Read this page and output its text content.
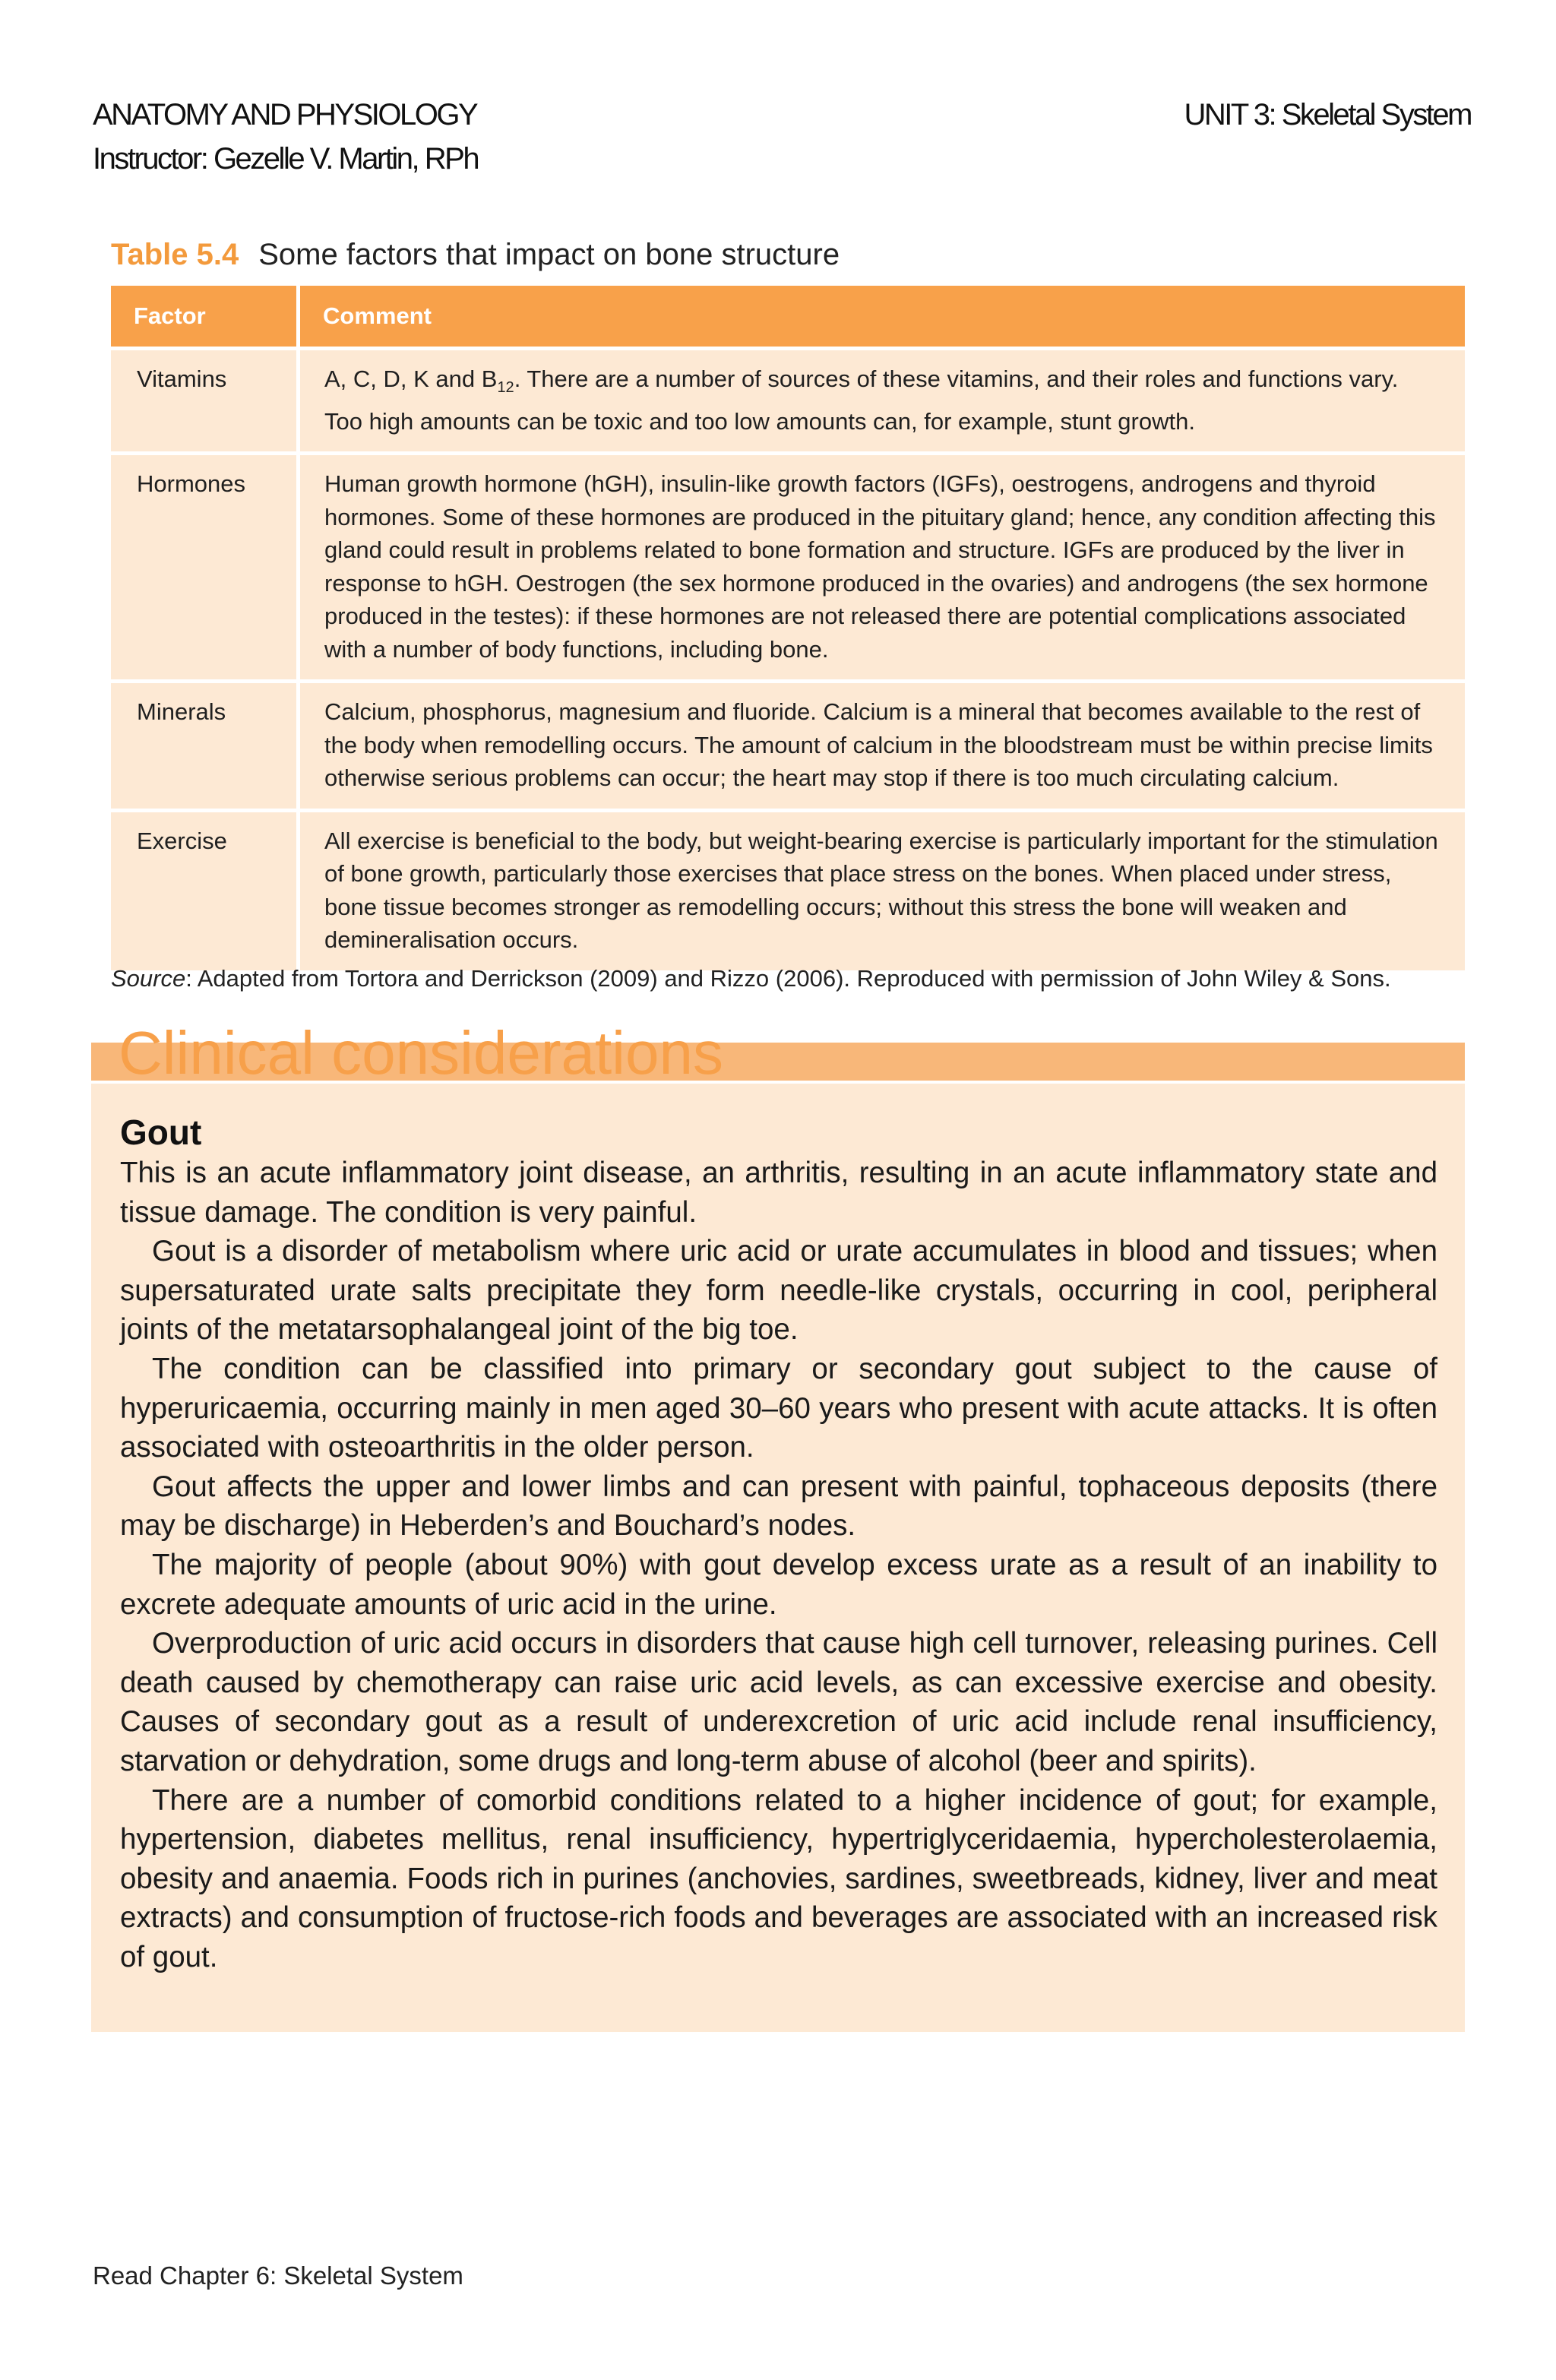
ANATOMY AND PHYSIOLOGY
Instructor: Gezelle V. Martin, RPh
UNIT 3: Skeletal System
Table 5.4 Some factors that impact on bone structure
Factor	Comment

Vitamins	A, C, D, K and $B_{12}$. There are a number of sources of these vitamins, and their roles and functions vary. Too high amounts can be toxic and too low amounts can, for example, stunt growth.

Hormones	Human growth hormone (hGH), insulin-like growth factors (IGFs), oestrogens, androgens and thyroid hormones. Some of these hormones are produced in the pituitary gland; hence, any condition affecting this gland could result in problems related to bone formation and structure. IGFs are produced by the liver in response to hGH. Oestrogen (the sex hormone produced in the ovaries) and androgens (the sex hormone produced in the testes): if these hormones are not released there are potential complications associated with a number of body functions, including bone.

Minerals	Calcium, phosphorus, magnesium and fluoride. Calcium is a mineral that becomes available to the rest of the body when remodelling occurs. The amount of calcium in the bloodstream must be within precise limits otherwise serious problems can occur; the heart may stop if there is too much circulating calcium.

Exercise	All exercise is beneficial to the body, but weight-bearing exercise is particularly important for the stimulation of bone growth, particularly those exercises that place stress on the bones. When placed under stress, bone tissue becomes stronger as remodelling occurs; without this stress the bone will weaken and demineralisation occurs.
Source: Adapted from Tortora and Derrickson (2009) and Rizzo (2006). Reproduced with permission of John Wiley & Sons.
Clinical considerations
Gout

This is an acute inflammatory joint disease, an arthritis, resulting in an acute inflammatory state and tissue damage. The condition is very painful.

Gout is a disorder of metabolism where uric acid or urate accumulates in blood and tissues; when supersaturated urate salts precipitate they form needle-like crystals, occurring in cool, peripheral joints of the metatarsophalangeal joint of the big toe.

The condition can be classified into primary or secondary gout subject to the cause of hyperuricaemia, occurring mainly in men aged 30–60 years who present with acute attacks. It is often associated with osteoarthritis in the older person.

Gout affects the upper and lower limbs and can present with painful, tophaceous deposits (there may be discharge) in Heberden’s and Bouchard’s nodes.

The majority of people (about 90%) with gout develop excess urate as a result of an inability to excrete adequate amounts of uric acid in the urine.

Overproduction of uric acid occurs in disorders that cause high cell turnover, releasing purines. Cell death caused by chemotherapy can raise uric acid levels, as can excessive exercise and obesity. Causes of secondary gout as a result of underexcretion of uric acid include renal insufficiency, starvation or dehydration, some drugs and long-term abuse of alcohol (beer and spirits).

There are a number of comorbid conditions related to a higher incidence of gout; for example, hypertension, diabetes mellitus, renal insufficiency, hypertriglyceridaemia, hypercholesterolaemia, obesity and anaemia. Foods rich in purines (anchovies, sardines, sweetbreads, kidney, liver and meat extracts) and consumption of fructose-rich foods and beverages are associated with an increased risk of gout.

Read Chapter 6: Skeletal System
